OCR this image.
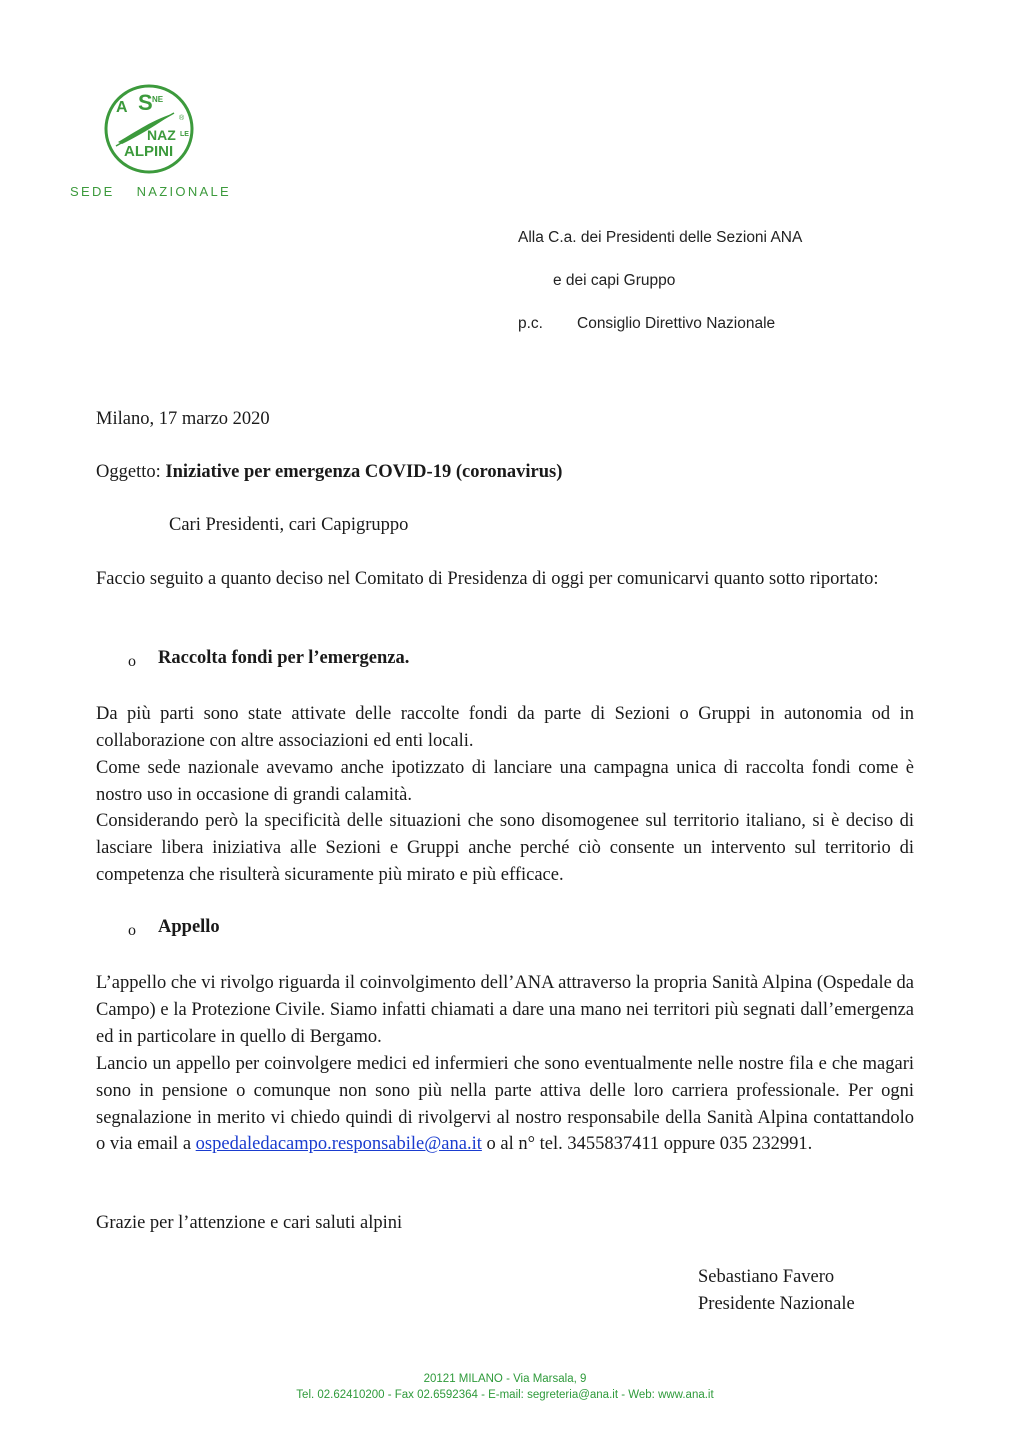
A S NE
®
NAZ LE
ALPINI
SEDE NAZIONALE
Alla C.a. dei Presidenti delle Sezioni ANA
e dei capi Gruppo
p.c. Consiglio Direttivo Nazionale
Milano, 17 marzo 2020
Oggetto: Iniziative per emergenza COVID-19 (coronavirus)
Cari Presidenti, cari Capigruppo
Faccio seguito a quanto deciso nel Comitato di Presidenza di oggi per comunicarvi quanto sotto riportato:
o Raccolta fondi per l’emergenza.
Da più parti sono state attivate delle raccolte fondi da parte di Sezioni o Gruppi in autonomia od in collaborazione con altre associazioni ed enti locali.
Come sede nazionale avevamo anche ipotizzato di lanciare una campagna unica di raccolta fondi come è nostro uso in occasione di grandi calamità.
Considerando però la specificità delle situazioni che sono disomogenee sul territorio italiano, si è deciso di lasciare libera iniziativa alle Sezioni e Gruppi anche perché ciò consente un intervento sul territorio di competenza che risulterà sicuramente più mirato e più efficace.
o Appello
L’appello che vi rivolgo riguarda il coinvolgimento dell’ANA attraverso la propria Sanità Alpina (Ospedale da Campo) e la Protezione Civile. Siamo infatti chiamati a dare una mano nei territori più segnati dall’emergenza ed in particolare in quello di Bergamo.
Lancio un appello per coinvolgere medici ed infermieri che sono eventualmente nelle nostre fila e che magari sono in pensione o comunque non sono più nella parte attiva delle loro carriera professionale. Per ogni segnalazione in merito vi chiedo quindi di rivolgervi al nostro responsabile della Sanità Alpina contattandolo o via email a ospedaledacampo.responsabile@ana.it o al n° tel. 3455837411 oppure 035 232991.
Grazie per l’attenzione e cari saluti alpini
Sebastiano Favero
Presidente Nazionale
20121 MILANO - Via Marsala, 9
Tel. 02.62410200 - Fax 02.6592364 - E-mail: segreteria@ana.it - Web: www.ana.it
